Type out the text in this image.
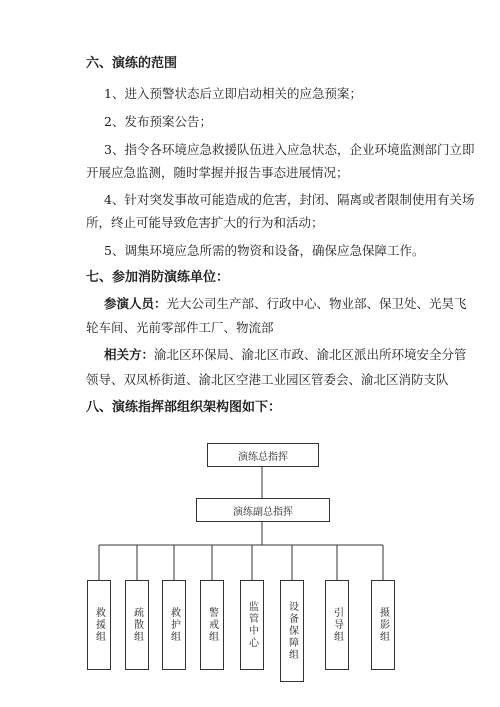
六、演练的范围
1、进入预警状态后立即启动相关的应急预案；
2、发布预案公告；
3、指令各环境应急救援队伍进入应急状态，企业环境监测部门立即
开展应急监测，随时掌握并报告事态进展情况；
4、针对突发事故可能造成的危害，封闭、隔离或者限制使用有关场
所，终止可能导致危害扩大的行为和活动；
5、调集环境应急所需的物资和设备，确保应急保障工作。
七、参加消防演练单位：
参演人员：光大公司生产部、行政中心、物业部、保卫处、光昊飞
轮车间、光前零部件工厂、物流部
相关方：渝北区环保局、渝北区市政、渝北区派出所环境安全分管
领导、双凤桥街道、渝北区空港工业园区管委会、渝北区消防支队
八、演练指挥部组织架构图如下：
演练总指挥
演练副总指挥
救援组	疏散组	救护组	警戒组	监管中心	设备保障组	引导组	摄影组
